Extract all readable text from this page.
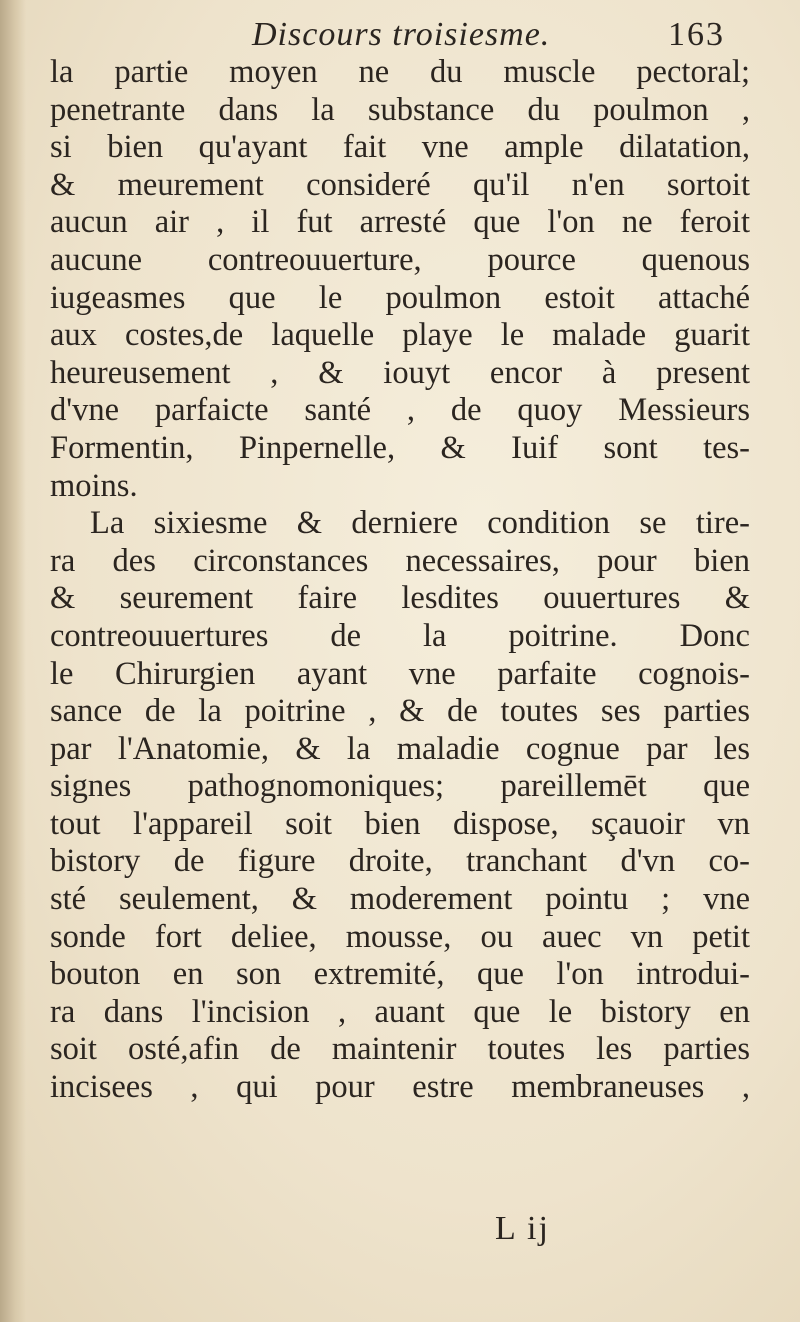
Discours troisiesme.	163
la partie moyen ne du muscle pectoral;
penetrante dans la substance du poulmon ,
si bien qu'ayant fait vne ample dilatation,
& meurement consideré qu'il n'en sortoit
aucun air , il fut arresté que l'on ne feroit
aucune contreouuerture, pource quenous
iugeasmes que le poulmon estoit attaché
aux costes,de laquelle playe le malade guarit
heureusement , & iouyt encor à present
d'vne parfaicte santé , de quoy Messieurs
Formentin, Pinpernelle, & Iuif sont tes-
moins.
La sixiesme & derniere condition se tire-
ra des circonstances necessaires, pour bien
& seurement faire lesdites ouuertures &
contreouuertures de la poitrine. Donc
le Chirurgien ayant vne parfaite cognois-
sance de la poitrine , & de toutes ses parties
par l'Anatomie, & la maladie cognue par les
signes pathognomoniques; pareillemēt que
tout l'appareil soit bien dispose, sçauoir vn
bistory de figure droite, tranchant d'vn co-
sté seulement, & moderement pointu ; vne
sonde fort deliee, mousse, ou auec vn petit
bouton en son extremité, que l'on introdui-
ra dans l'incision , auant que le bistory en
soit osté,afin de maintenir toutes les parties
incisees , qui pour estre membraneuses ,
L ij
